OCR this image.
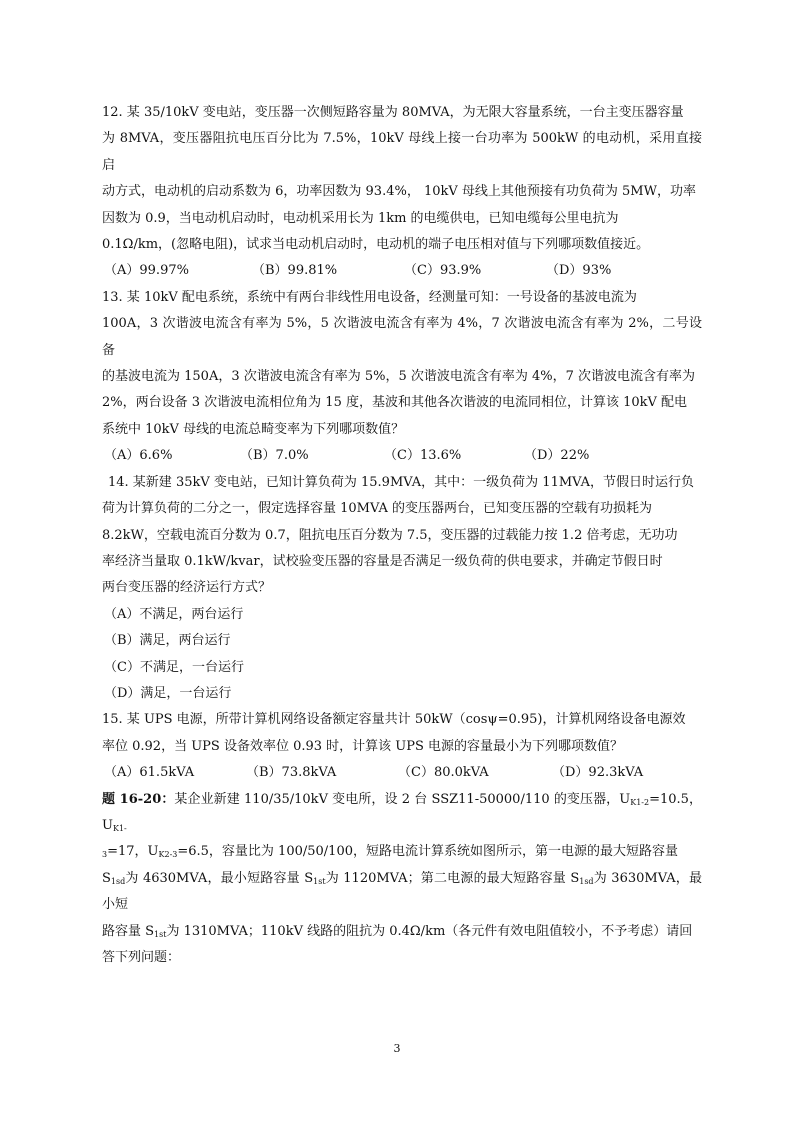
12. 某 35/10kV 变电站，变压器一次侧短路容量为 80MVA，为无限大容量系统，一台主变压器容量

为 8MVA，变压器阻抗电压百分比为 7.5%，10kV 母线上接一台功率为 500kW 的电动机，采用直接启

动方式，电动机的启动系数为 6，功率因数为 93.4%， 10kV 母线上其他预接有功负荷为 5MW，功率

因数为 0.9，当电动机启动时，电动机采用长为 1km 的电缆供电，已知电缆每公里电抗为

0.1Ω/km，(忽略电阻)，试求当电动机启动时，电动机的端子电压相对值与下列哪项数值接近。

（A）99.97%	（B）99.81%	（C）93.9%	（D）93%

13. 某 10kV 配电系统，系统中有两台非线性用电设备，经测量可知：一号设备的基波电流为

100A，3 次谐波电流含有率为 5%，5 次谐波电流含有率为 4%，7 次谐波电流含有率为 2%，二号设备

的基波电流为 150A，3 次谐波电流含有率为 5%，5 次谐波电流含有率为 4%，7 次谐波电流含有率为

2%，两台设备 3 次谐波电流相位角为 15 度，基波和其他各次谐波的电流同相位，计算该 10kV 配电

系统中 10kV 母线的电流总畸变率为下列哪项数值？

（A）6.6%	（B）7.0%	（C）13.6%	（D）22%

14. 某新建 35kV 变电站，已知计算负荷为 15.9MVA，其中：一级负荷为 11MVA，节假日时运行负

荷为计算负荷的二分之一，假定选择容量 10MVA 的变压器两台，已知变压器的空载有功损耗为

8.2kW，空载电流百分数为 0.7，阻抗电压百分数为 7.5，变压器的过载能力按 1.2 倍考虑，无功功

率经济当量取 0.1kW/kvar，试校验变压器的容量是否满足一级负荷的供电要求，并确定节假日时

两台变压器的经济运行方式？

（A）不满足，两台运行

（B）满足，两台运行

（C）不满足，一台运行

（D）满足，一台运行

15. 某 UPS 电源，所带计算机网络设备额定容量共计 50kW（cosψ=0.95)，计算机网络设备电源效

率位 0.92，当 UPS 设备效率位 0.93 时，计算该 UPS 电源的容量最小为下列哪项数值？

（A）61.5kVA	（B）73.8kVA	（C）80.0kVA	（D）92.3kVA

题 16-20：某企业新建 110/35/10kV 变电所，设 2 台 SSZ11-50000/110 的变压器，$U_{K1-2}=10.5$，$U_{K1-}$

$_3$=17，$U_{K2-3}=6.5$，容量比为 100/50/100，短路电流计算系统如图所示，第一电源的最大短路容量

$S_{1sd}$为 4630MVA，最小短路容量 $S_{1st}$为 1120MVA；第二电源的最大短路容量 $S_{1sd}$为 3630MVA，最小短

路容量 $S_{1st}$为 1310MVA；110kV 线路的阻抗为 0.4Ω/km（各元件有效电阻值较小，不予考虑）请回

答下列问题：

3
